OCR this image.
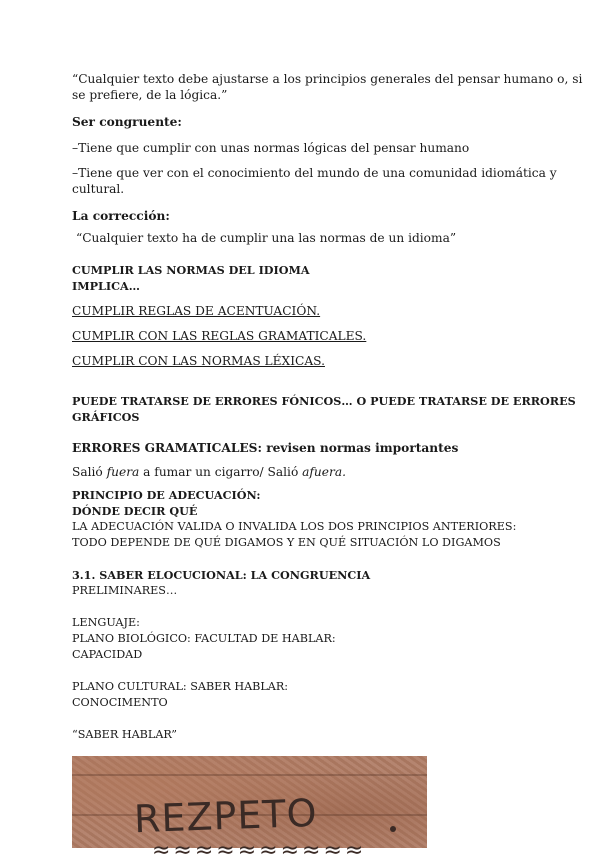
“Cualquier texto debe ajustarse a los principios generales del pensar humano o, si

se prefiere, de la lógica.”

Ser congruente:

–Tiene que cumplir con unas normas lógicas del pensar humano

–Tiene que ver con el conocimiento del mundo de una comunidad idiomática y

cultural.

La corrección:

“Cualquier texto ha de cumplir una las normas de un idioma”

CUMPLIR LAS NORMAS DEL IDIOMA

IMPLICA…

CUMPLIR REGLAS DE ACENTUACIÓN.

CUMPLIR CON LAS REGLAS GRAMATICALES.

CUMPLIR CON LAS NORMAS LÉXICAS.

PUEDE TRATARSE DE ERRORES FÓNICOS… O PUEDE TRATARSE DE ERRORES

GRÁFICOS

ERRORES GRAMATICALES: revisen normas importantes

Salió fuera a fumar un cigarro/ Salió afuera.

PRINCIPIO DE ADECUACIÓN:

DÓNDE DECIR QUÉ

LA ADECUACIÓN VALIDA O INVALIDA LOS DOS PRINCIPIOS ANTERIORES:

TODO DEPENDE DE QUÉ DIGAMOS Y EN QUÉ SITUACIÓN LO DIGAMOS

3.1. SABER ELOCUCIONAL: LA CONGRUENCIA

PRELIMINARES…

LENGUAJE:

PLANO BIOLÓGICO: FACULTAD DE HABLAR:

CAPACIDAD

PLANO CULTURAL: SABER HABLAR:

CONOCIMENTO

“SABER HABLAR”

REZPETO
≈≈≈≈≈≈≈≈≈≈
